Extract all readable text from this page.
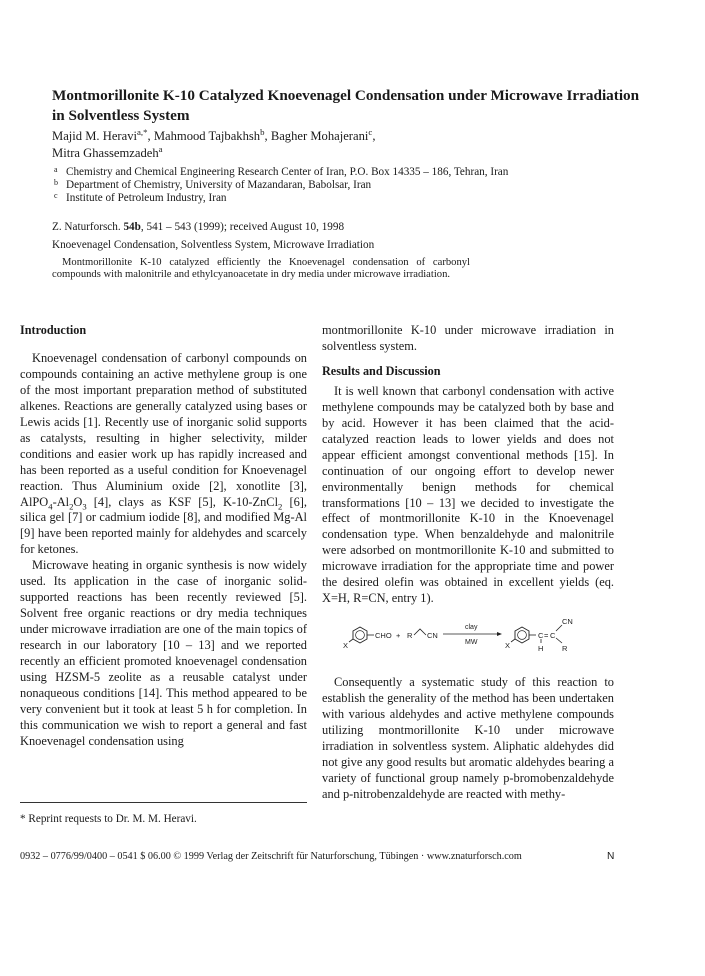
Montmorillonite K-10 Catalyzed Knoevenagel Condensation under Microwave Irradiation in Solventless System
Majid M. Heravi$^{a,*}$, Mahmood Tajbakhsh$^b$, Bagher Mohajerani$^c$,
Mitra Ghassemzadeh$^a$
a Chemistry and Chemical Engineering Research Center of Iran, P.O. Box 14335 – 186, Tehran, Iran
b Department of Chemistry, University of Mazandaran, Babolsar, Iran
c Institute of Petroleum Industry, Iran
Z. Naturforsch. 54b, 541 – 543 (1999); received August 10, 1998
Knoevenagel Condensation, Solventless System, Microwave Irradiation
Montmorillonite K-10 catalyzed efficiently the Knoevenagel condensation of carbonyl compounds with malonitrile and ethylcyanoacetate in dry media under microwave irradiation.
Introduction

Knoevenagel condensation of carbonyl compounds on compounds containing an active methylene group is one of the most important preparation method of substituted alkenes. Reactions are generally catalyzed using bases or Lewis acids [1]. Recently use of inorganic solid supports as catalysts, resulting in higher selectivity, milder conditions and easier work up has rapidly increased and has been reported as a useful condition for Knoevenagel reaction. Thus Aluminium oxide [2], xonotlite [3], $AlPO_4-Al_2O_3$ [4], clays as KSF [5], K-10-ZnCl$_2$ [6], silica gel [7] or cadmium iodide [8], and modified Mg-Al [9] have been reported mainly for aldehydes and scarcely for ketones.

Microwave heating in organic synthesis is now widely used. Its application in the case of inorganic solid-supported reactions has been recently reviewed [5]. Solvent free organic reactions or dry media techniques under microwave irradiation are one of the main topics of research in our laboratory [10 – 13] and we reported recently an efficient promoted knoevenagel condensation using HZSM-5 zeolite as a reusable catalyst under nonaqueous conditions [14]. This method appeared to be very convenient but it took at least 5 h for completion. In this communication we wish to report a general and fast Knoevenagel condensation using

montmorillonite K-10 under microwave irradiation in solventless system.

Results and Discussion

It is well known that carbonyl condensation with active methylene compounds may be catalyzed both by base and by acid. However it has been claimed that the acid-catalyzed reaction leads to lower yields and does not appear efficient amongst conventional methods [15]. In continuation of our ongoing effort to develop newer environmentally benign methods for chemical transformations [10 – 13] we decided to investigate the effect of montmorillonite K-10 in the Knoevenagel condensation type. When benzaldehyde and malonitrile were adsorbed on montmorillonite K-10 and submitted to microwave irradiation for the appropriate time and power the desired olefin was obtained in excellent yields (eq. X=H, R=CN, entry 1).

X
CHO + R CN
clay
MW	X
C = C
CN
H R

Consequently a systematic study of this reaction to establish the generality of the method has been undertaken with various aldehydes and active methylene compounds utilizing montmorillonite K-10 under microwave irradiation in solventless system. Aliphatic aldehydes did not give any good results but aromatic aldehydes bearing a variety of functional group namely p-bromobenzaldehyde and p-nitrobenzaldehyde are reacted with methy-

* Reprint requests to Dr. M. M. Heravi.
0932 – 0776/99/0400 – 0541 $ 06.00 © 1999 Verlag der Zeitschrift für Naturforschung, Tübingen · www.znaturforsch.com	N
